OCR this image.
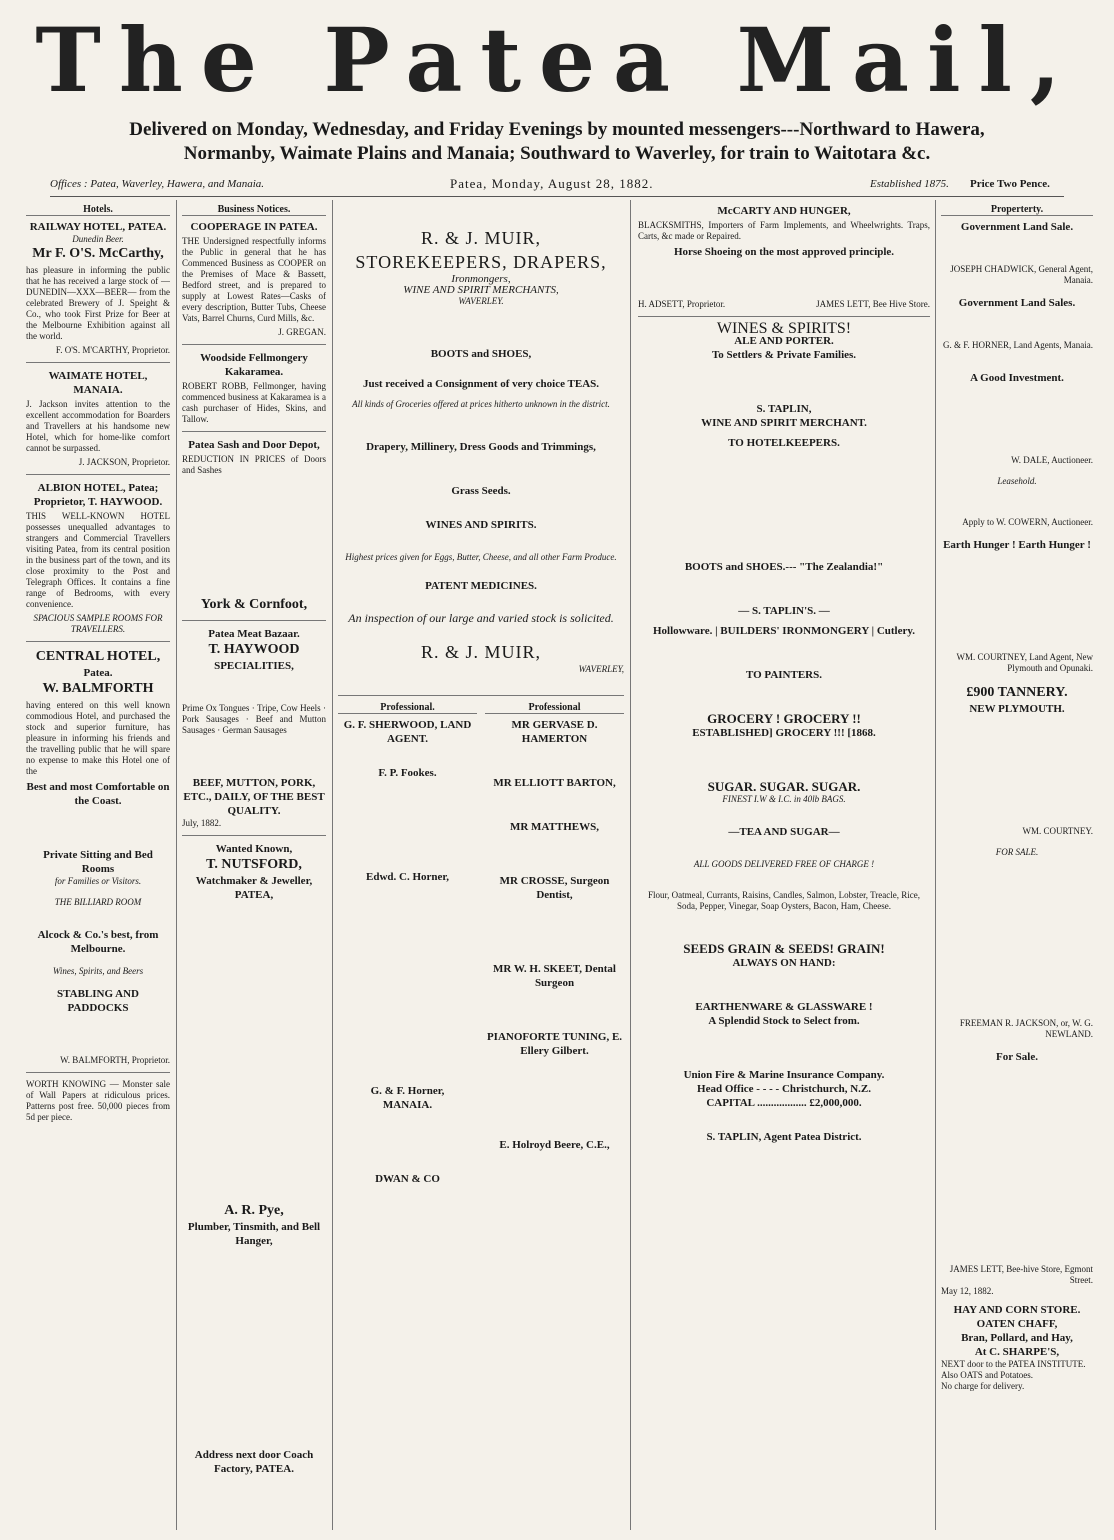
The Patea Mail,
Delivered on Monday, Wednesday, and Friday Evenings by mounted messengers---Northward to Hawera,
Normanby, Waimate Plains and Manaia; Southward to Waverley, for train to Waitotara &c.
Offices : Patea, Waverley, Hawera, and Manaia.	Patea, Monday, August 28, 1882.	Established 1875. Price Two Pence.
Hotels.
RAILWAY HOTEL, PATEA.
Dunedin Beer.
Mr F. O'S. McCarthy,

has pleasure in informing the public that he has received a large stock of —DUNEDIN—XXX—BEER— from the celebrated Brewery of J. Speight & Co., who took First Prize for Beer at the Melbourne Exhibition against all the world.

F. O'S. M'CARTHY, Proprietor.
WAIMATE HOTEL, MANAIA.

J. Jackson invites attention to the excellent accommodation for Boarders and Travellers at his handsome new Hotel, which for home-like comfort cannot be surpassed.

J. JACKSON, Proprietor.
ALBION HOTEL, Patea; Proprietor, T. HAYWOOD.

THIS WELL-KNOWN HOTEL possesses unequalled advantages to strangers and Commercial Travellers visiting Patea, from its central position in the business part of the town, and its close proximity to the Post and Telegraph Offices. It contains a fine range of Bedrooms, with every convenience.

SPACIOUS SAMPLE ROOMS FOR TRAVELLERS.
CENTRAL HOTEL,
Patea.
W. BALMFORTH

having entered on this well known commodious Hotel, and purchased the stock and superior furniture, has pleasure in informing his friends and the travelling public that he will spare no expense to make this Hotel one of the

Best and most Comfortable on the Coast.
Private Sitting and Bed Rooms
for Families or Visitors.
THE BILLIARD ROOM
Alcock & Co.'s best, from Melbourne.
Wines, Spirits, and Beers
STABLING AND PADDOCKS
W. BALMFORTH, Proprietor.

WORTH KNOWING — Monster sale of Wall Papers at ridiculous prices. Patterns post free. 50,000 pieces from 5d per piece.

Business Notices.
COOPERAGE IN PATEA.

THE Undersigned respectfully informs the Public in general that he has Commenced Business as COOPER on the Premises of Mace & Bassett, Bedford street, and is prepared to supply at Lowest Rates—Casks of every description, Butter Tubs, Cheese Vats, Barrel Churns, Curd Mills, &c.

J. GREGAN.
Woodside Fellmongery Kakaramea.

ROBERT ROBB, Fellmonger, having commenced business at Kakaramea is a cash purchaser of Hides, Skins, and Tallow.

Patea Sash and Door Depot,

REDUCTION IN PRICES of Doors and Sashes

York & Cornfoot,
Patea Meat Bazaar.
T. HAYWOOD
SPECIALITIES,

Prime Ox Tongues · Tripe, Cow Heels · Pork Sausages · Beef and Mutton Sausages · German Sausages

BEEF, MUTTON, PORK, ETC., DAILY, OF THE BEST QUALITY.
July, 1882.
Wanted Known,
T. NUTSFORD,
Watchmaker & Jeweller, PATEA,
A. R. Pye,
Plumber, Tinsmith, and Bell Hanger,
Address next door Coach Factory, PATEA.
R. & J. MUIR,
STOREKEEPERS, DRAPERS,
Ironmongers,
WINE AND SPIRIT MERCHANTS,
WAVERLEY.
BOOTS and SHOES,
Just received a Consignment of very choice TEAS.
All kinds of Groceries offered at prices hitherto unknown in the district.
Drapery, Millinery, Dress Goods and Trimmings,
Grass Seeds.
WINES AND SPIRITS.
Highest prices given for Eggs, Butter, Cheese, and all other Farm Produce.
PATENT MEDICINES.
An inspection of our large and varied stock is solicited.
R. & J. MUIR,
WAVERLEY,
Professional.
G. F. SHERWOOD, LAND AGENT.
F. P. Fookes.
Edwd. C. Horner,
G. & F. Horner,
MANAIA.
DWAN & CO
Professional
MR GERVASE D. HAMERTON
MR ELLIOTT BARTON,
MR MATTHEWS,
MR CROSSE, Surgeon Dentist,
MR W. H. SKEET, Dental Surgeon
PIANOFORTE TUNING, E. Ellery Gilbert.
E. Holroyd Beere, C.E.,
McCARTY AND HUNGER,

BLACKSMITHS, Importers of Farm Implements, and Wheelwrights. Traps, Carts, &c made or Repaired.

Horse Shoeing on the most approved principle.
H. ADSETT, Proprietor.	JAMES LETT, Bee Hive Store.
WINES & SPIRITS!
ALE AND PORTER.
To Settlers & Private Families.
S. TAPLIN,
WINE AND SPIRIT MERCHANT.
TO HOTELKEEPERS.
BOOTS and SHOES.--- "The Zealandia!"
— S. TAPLIN'S. —
Hollowware. | BUILDERS' IRONMONGERY | Cutlery.
TO PAINTERS.
GROCERY ! GROCERY !!
ESTABLISHED] GROCERY !!! [1868.
SUGAR. SUGAR. SUGAR.
FINEST I.W & I.C. in 40lb BAGS.
—TEA AND SUGAR—
ALL GOODS DELIVERED FREE OF CHARGE !

Flour, Oatmeal, Currants, Raisins, Candles, Salmon, Lobster, Treacle, Rice, Soda, Pepper, Vinegar, Soap Oysters, Bacon, Ham, Cheese.

SEEDS GRAIN & SEEDS! GRAIN!
ALWAYS ON HAND:
EARTHENWARE & GLASSWARE !
A Splendid Stock to Select from.
Union Fire & Marine Insurance Company.
Head Office - - - - Christchurch, N.Z.
CAPITAL .................. £2,000,000.
S. TAPLIN, Agent Patea District.
Properterty.
Government Land Sale.
JOSEPH CHADWICK, General Agent, Manaia.
Government Land Sales.
G. & F. HORNER, Land Agents, Manaia.
A Good Investment.
W. DALE, Auctioneer.
Leasehold.
Apply to W. COWERN, Auctioneer.
Earth Hunger ! Earth Hunger !
WM. COURTNEY, Land Agent, New Plymouth and Opunaki.
£900 TANNERY.
NEW PLYMOUTH.
WM. COURTNEY.
FOR SALE.
FREEMAN R. JACKSON, or, W. G. NEWLAND.
For Sale.
JAMES LETT, Bee-hive Store, Egmont Street.
May 12, 1882.
HAY AND CORN STORE.
OATEN CHAFF,
Bran, Pollard, and Hay,
At C. SHARPE'S,
NEXT door to the PATEA INSTITUTE.
Also OATS and Potatoes.
No charge for delivery.
